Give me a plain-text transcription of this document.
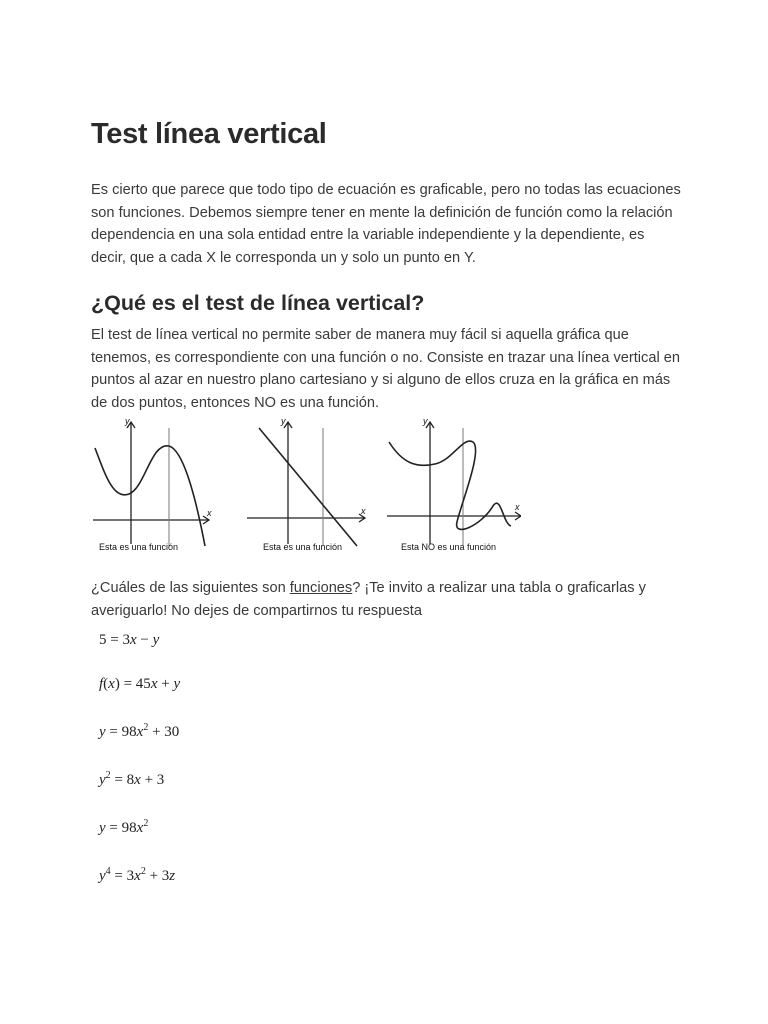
Test línea vertical

Es cierto que parece que todo tipo de ecuación es graficable, pero no todas las ecuaciones son funciones. Debemos siempre tener en mente la definición de función como la relación dependencia en una sola entidad entre la variable independiente y la dependiente, es decir, que a cada X le corresponda un y solo un punto en Y.

¿Qué es el test de línea vertical?

El test de línea vertical no permite saber de manera muy fácil si aquella gráfica que tenemos, es correspondiente con una función o no. Consiste en trazar una línea vertical en puntos al azar en nuestro plano cartesiano y si alguno de ellos cruza en la gráfica en más de dos puntos, entonces NO es una función.

Esta es una función
y
x
Esta es una función
y
x
Esta NO es una función
y
x

¿Cuáles de las siguientes son funciones? ¡Te invito a realizar una tabla o graficarlas y averiguarlo! No dejes de compartirnos tu respuesta

5 = 3x − y
f(x) = 45x + y
$y = 98x^2 + 30$
$y^2 = 8x + 3$
$y = 98x^2$
$y^4 = 3x^2 + 3z$
